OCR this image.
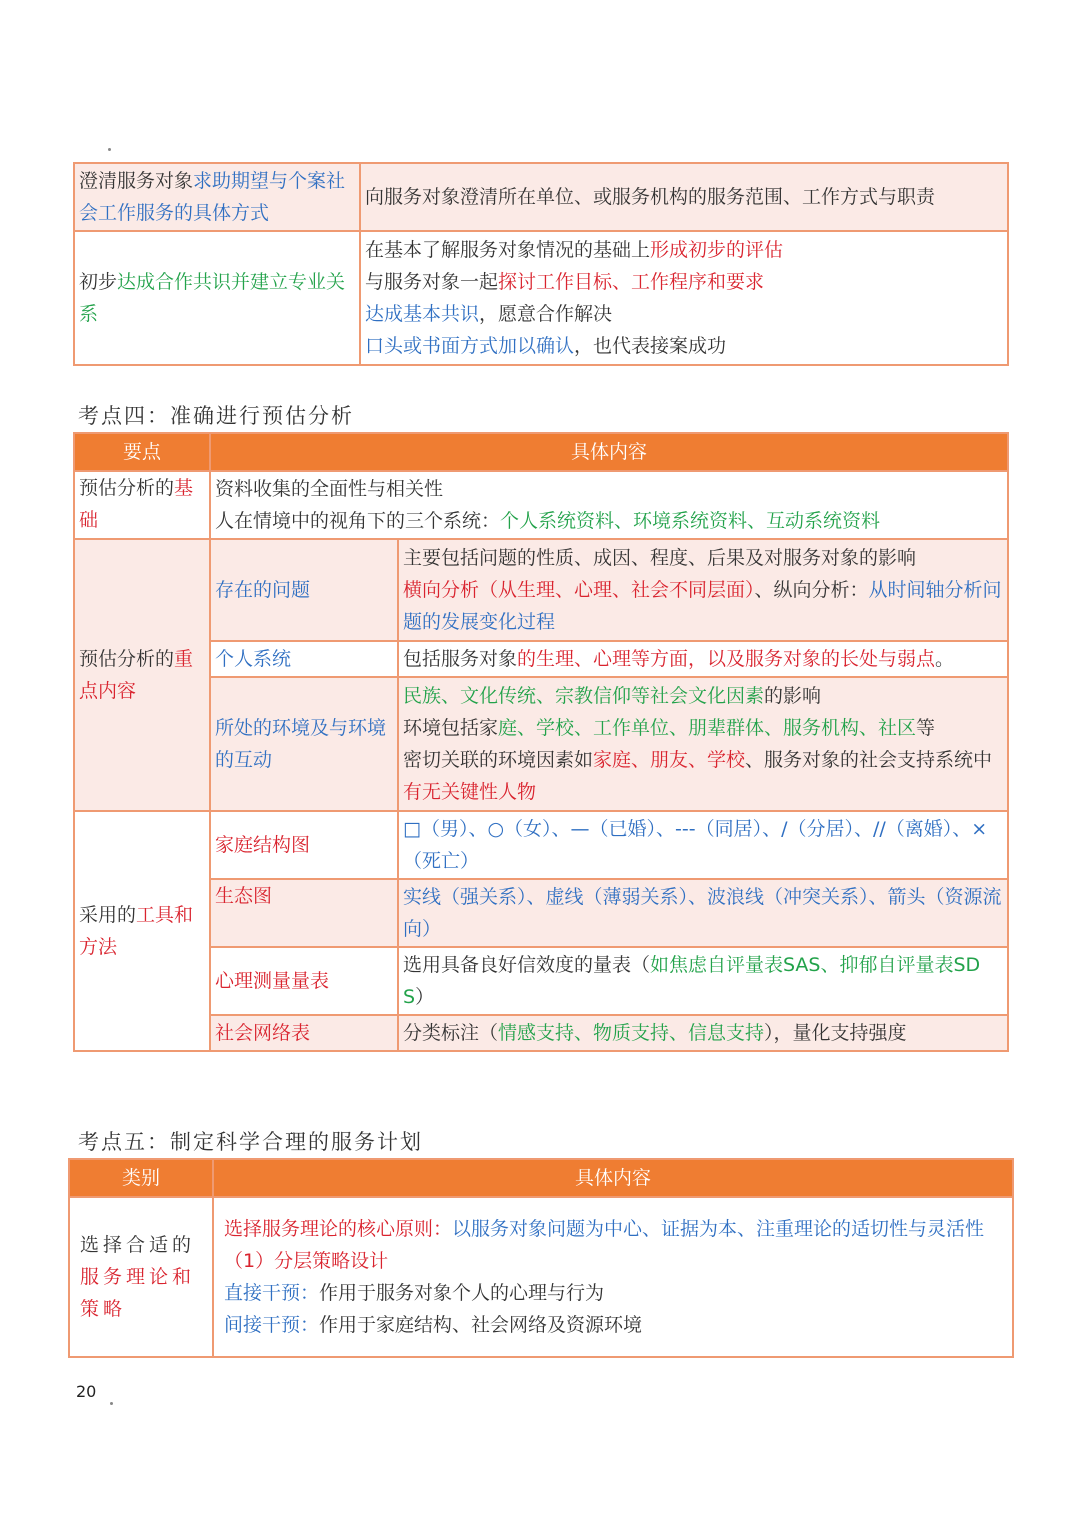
澄清服务对象求助期望与个案社会工作服务的具体方式	向服务对象澄清所在单位、或服务机构的服务范围、工作方式与职责
初步达成合作共识并建立专业关系	在基本了解服务对象情况的基础上形成初步的评估
与服务对象一起探讨工作目标、工作程序和要求
达成基本共识，愿意合作解决
口头或书面方式加以确认，也代表接案成功
考点四：准确进行预估分析
要点	具体内容	
预估分析的基础	资料收集的全面性与相关性
人在情境中的视角下的三个系统：个人系统资料、环境系统资料、互动系统资料	

预估分析的重点内容	存在的问题	主要包括问题的性质、成因、程度、后果及对服务对象的影响
横向分析（从生理、心理、社会不同层面）、纵向分析：从时间轴分析问题的发展变化过程

	个人系统	包括服务对象的生理、心理等方面，以及服务对象的长处与弱点。

	所处的环境及与环境的互动	民族、文化传统、宗教信仰等社会文化因素的影响
环境包括家庭、学校、工作单位、朋辈群体、服务机构、社区等
密切关联的环境因素如家庭、朋友、学校、服务对象的社会支持系统中有无关键性人物

采用的工具和方法	家庭结构图	□（男）、○（女）、—（已婚）、---（同居）、/（分居）、//（离婚）、×（死亡）

	生态图	实线（强关系）、虚线（薄弱关系）、波浪线（冲突关系）、箭头（资源流向）

	心理测量量表	选用具备良好信效度的量表（如焦虑自评量表SAS、抑郁自评量表SDS）

	社会网络表	分类标注（情感支持、物质支持、信息支持），量化支持强度
考点五：制定科学合理的服务计划
类别	具体内容
选择合适的服务理论和策略	选择服务理论的核心原则：以服务对象问题为中心、证据为本、注重理论的适切性与灵活性
（1）分层策略设计
直接干预：作用于服务对象个人的心理与行为
间接干预：作用于家庭结构、社会网络及资源环境
20
